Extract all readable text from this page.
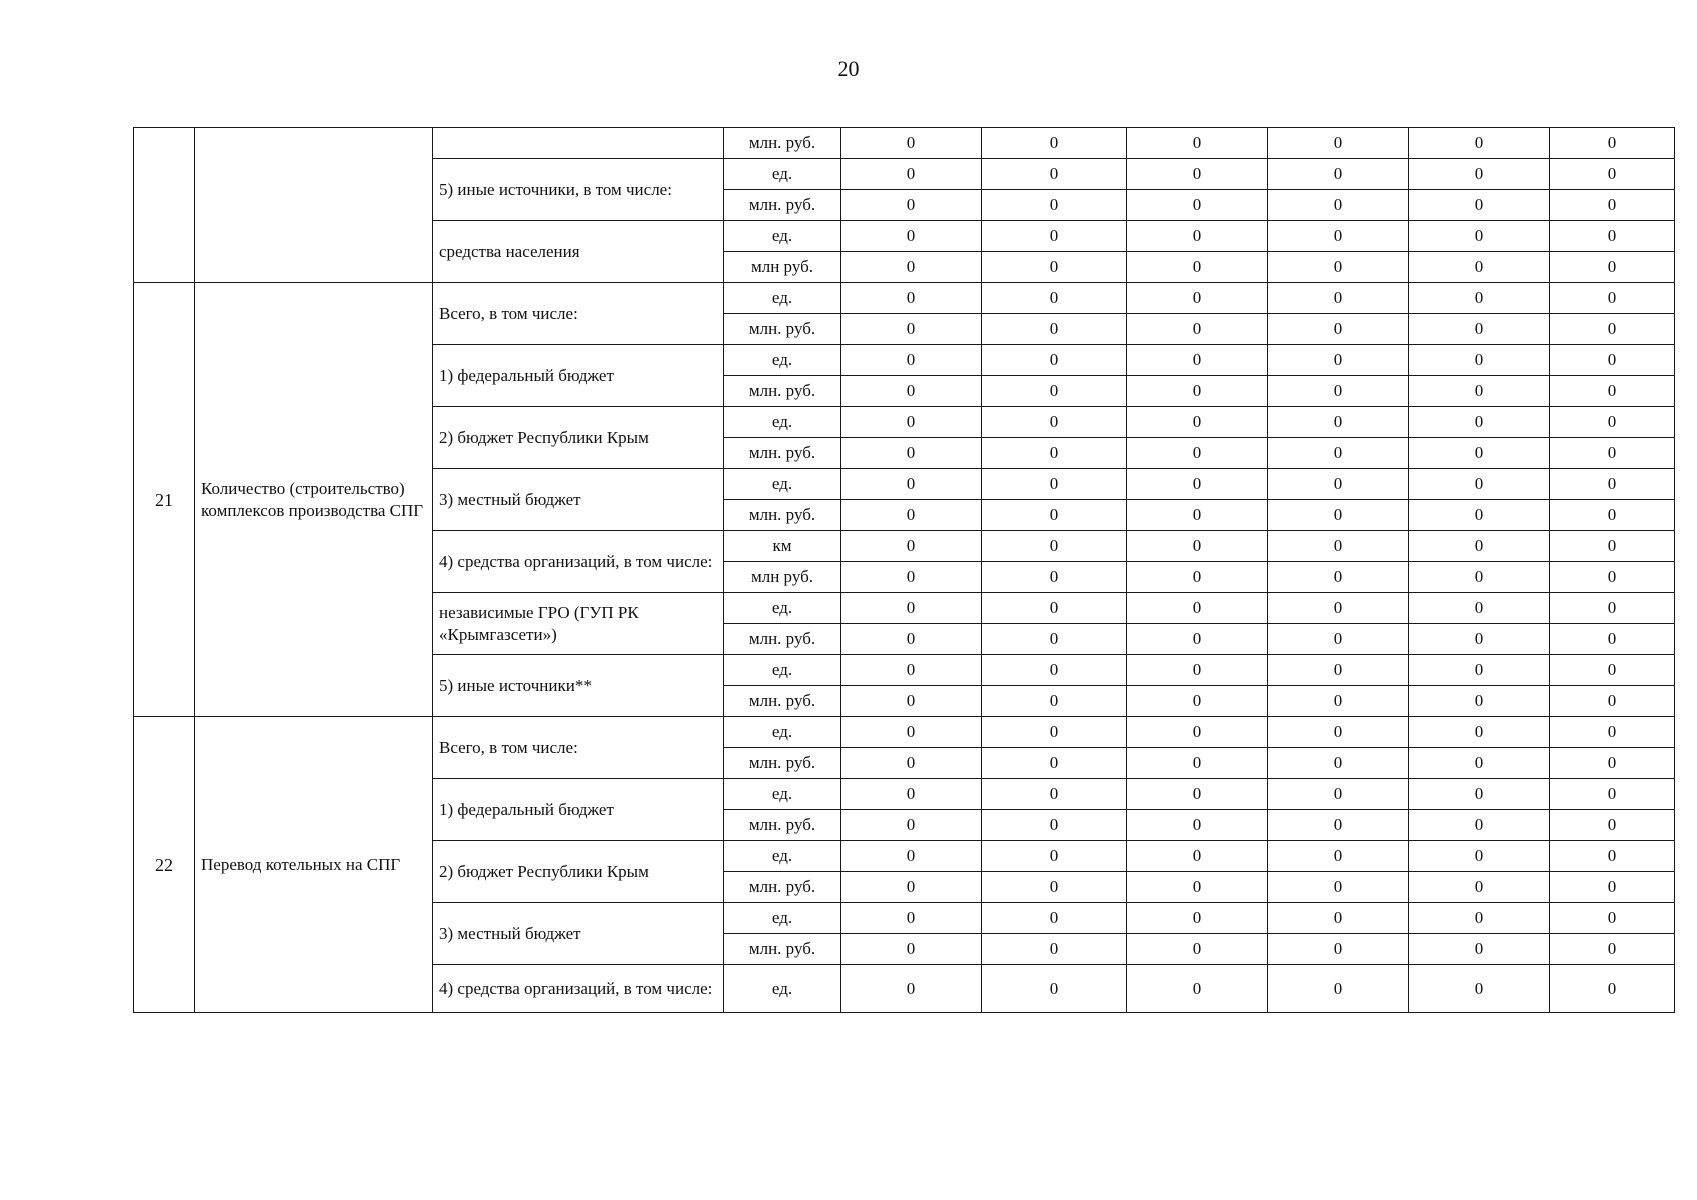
20
			млн. руб.	0	0	0	0	0	0
		5) иные источники, в том числе:	ед.	0	0	0	0	0	0
			млн. руб.	0	0	0	0	0	0
		средства населения	ед.	0	0	0	0	0	0
			млн руб.	0	0	0	0	0	0
21	Количество (строительство) комплексов производства СПГ	Всего, в том числе:	ед.	0	0	0	0	0	0
			млн. руб.	0	0	0	0	0	0
		1) федеральный бюджет	ед.	0	0	0	0	0	0
			млн. руб.	0	0	0	0	0	0
		2) бюджет Республики Крым	ед.	0	0	0	0	0	0
			млн. руб.	0	0	0	0	0	0
		3) местный бюджет	ед.	0	0	0	0	0	0
			млн. руб.	0	0	0	0	0	0
		4) средства организаций, в том числе:	км	0	0	0	0	0	0
			млн руб.	0	0	0	0	0	0
		независимые ГРО (ГУП РК «Крымгазсети»)	ед.	0	0	0	0	0	0
			млн. руб.	0	0	0	0	0	0
		5) иные источники**	ед.	0	0	0	0	0	0
			млн. руб.	0	0	0	0	0	0
22	Перевод котельных на СПГ	Всего, в том числе:	ед.	0	0	0	0	0	0
			млн. руб.	0	0	0	0	0	0
		1) федеральный бюджет	ед.	0	0	0	0	0	0
			млн. руб.	0	0	0	0	0	0
		2) бюджет Республики Крым	ед.	0	0	0	0	0	0
			млн. руб.	0	0	0	0	0	0
		3) местный бюджет	ед.	0	0	0	0	0	0
			млн. руб.	0	0	0	0	0	0
		4) средства организаций, в том числе:	ед.	0	0	0	0	0	0
